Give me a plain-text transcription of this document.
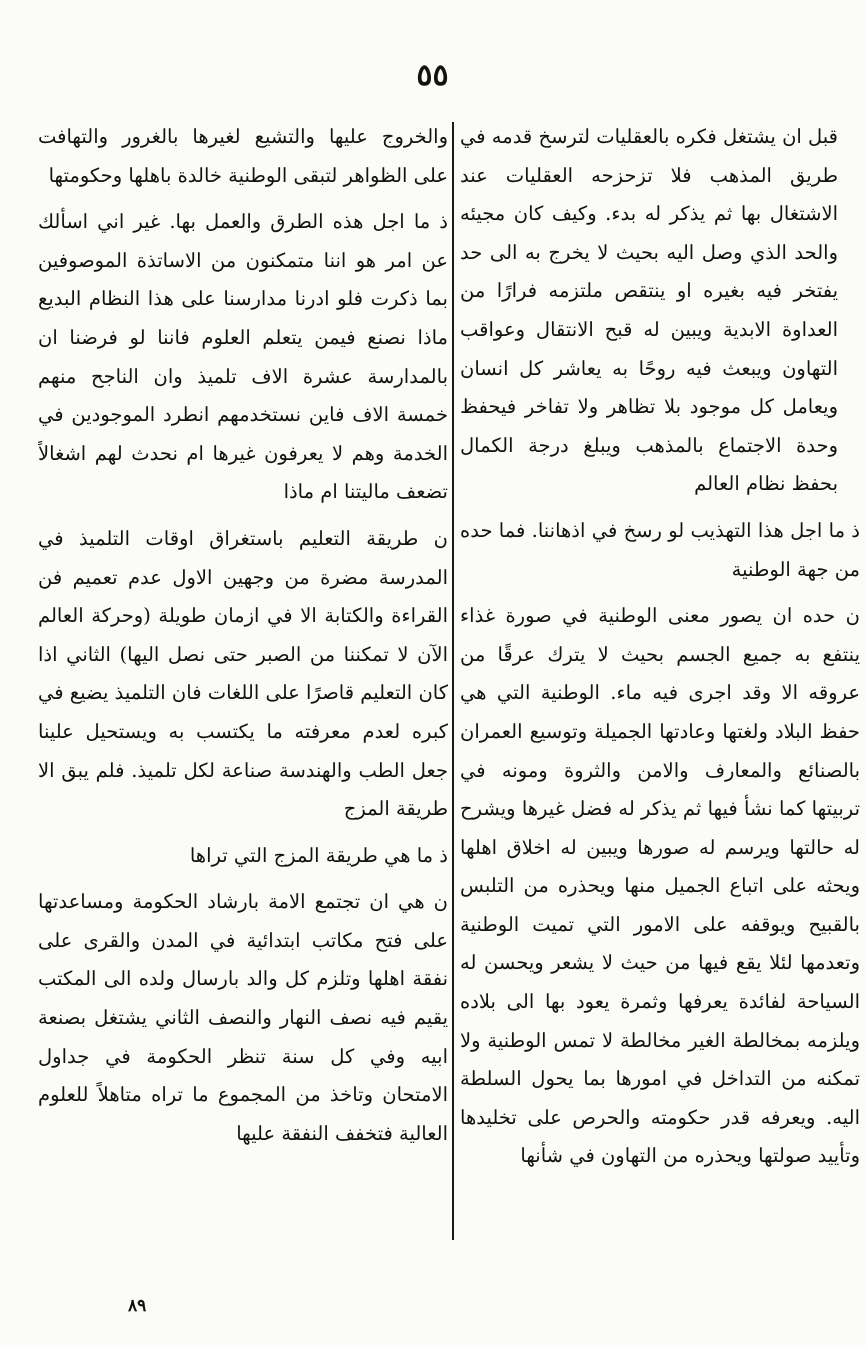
٥٥

قبل ان يشتغل فكره بالعقليات لترسخ قدمه في طريق المذهب فلا تزحزحه العقليات عند الاشتغال بها ثم يذكر له بدء. وكيف كان مجيئه والحد الذي وصل اليه بحيث لا يخرج به الى حد يفتخر فيه بغيره او ينتقص ملتزمه فرارًا من العداوة الابدية ويبين له قبح الانتقال وعواقب التهاون ويبعث فيه روحًا به يعاشر كل انسان ويعامل كل موجود بلا تظاهر ولا تفاخر فيحفظ وحدة الاجتماع بالمذهب ويبلغ درجة الكمال بحفظ نظام العالم

ذ ما اجل هذا التهذيب لو رسخ في اذهاننا. فما حده من جهة الوطنية

ن حده ان يصور معنى الوطنية في صورة غذاء ينتفع به جميع الجسم بحيث لا يترك عرقًا من عروقه الا وقد اجرى فيه ماء. الوطنية التي هي حفظ البلاد ولغتها وعادتها الجميلة وتوسيع العمران بالصنائع والمعارف والامن والثروة ومونه في تربيتها كما نشأ فيها ثم يذكر له فضل غيرها ويشرح له حالتها ويرسم له صورها ويبين له اخلاق اهلها ويحثه على اتباع الجميل منها ويحذره من التلبس بالقبيح ويوقفه على الامور التي تميت الوطنية وتعدمها لئلا يقع فيها من حيث لا يشعر ويحسن له السياحة لفائدة يعرفها وثمرة يعود بها الى بلاده ويلزمه بمخالطة الغير مخالطة لا تمس الوطنية ولا تمكنه من التداخل في امورها بما يحول السلطة اليه. ويعرفه قدر حكومته والحرص على تخليدها وتأييد صولتها ويحذره من التهاون في شأنها

والخروج عليها والتشيع لغيرها بالغرور والتهافت على الظواهر لتبقى الوطنية خالدة باهلها وحكومتها

ذ ما اجل هذه الطرق والعمل بها. غير اني اسألك عن امر هو اننا متمكنون من الاساتذة الموصوفين بما ذكرت فلو ادرنا مدارسنا على هذا النظام البديع ماذا نصنع فيمن يتعلم العلوم فاننا لو فرضنا ان بالمدارسة عشرة الاف تلميذ وان الناجح منهم خمسة الاف فاين نستخدمهم انطرد الموجودين في الخدمة وهم لا يعرفون غيرها ام نحدث لهم اشغالاً تضعف ماليتنا ام ماذا

ن طريقة التعليم باستغراق اوقات التلميذ في المدرسة مضرة من وجهين الاول عدم تعميم فن القراءة والكتابة الا في ازمان طويلة (وحركة العالم الآن لا تمكننا من الصبر حتى نصل اليها) الثاني اذا كان التعليم قاصرًا على اللغات فان التلميذ يضيع في كبره لعدم معرفته ما يكتسب به ويستحيل علينا جعل الطب والهندسة صناعة لكل تلميذ. فلم يبق الا طريقة المزج

ذ ما هي طريقة المزج التي تراها

ن هي ان تجتمع الامة بارشاد الحكومة ومساعدتها على فتح مكاتب ابتدائية في المدن والقرى على نفقة اهلها وتلزم كل والد بارسال ولده الى المكتب يقيم فيه نصف النهار والنصف الثاني يشتغل بصنعة ابيه وفي كل سنة تنظر الحكومة في جداول الامتحان وتاخذ من المجموع ما تراه متاهلاً للعلوم العالية فتخفف النفقة عليها

٨٩
